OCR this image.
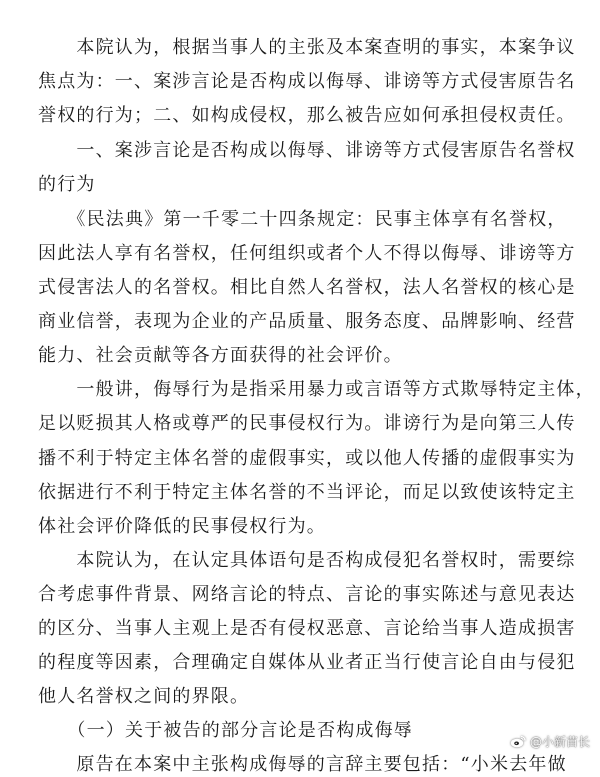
　　本院认为，根据当事人的主张及本案查明的事实，本案争议
焦点为：一、案涉言论是否构成以侮辱、诽谤等方式侵害原告名
誉权的行为；二、如构成侵权，那么被告应如何承担侵权责任。
　　一、案涉言论是否构成以侮辱、诽谤等方式侵害原告名誉权
的行为
　　《民法典》第一千零二十四条规定：民事主体享有名誉权，
因此法人享有名誉权，任何组织或者个人不得以侮辱、诽谤等方
式侵害法人的名誉权。相比自然人名誉权，法人名誉权的核心是
商业信誉，表现为企业的产品质量、服务态度、品牌影响、经营
能力、社会贡献等各方面获得的社会评价。
　　一般讲，侮辱行为是指采用暴力或言语等方式欺辱特定主体，
足以贬损其人格或尊严的民事侵权行为。诽谤行为是向第三人传
播不利于特定主体名誉的虚假事实，或以他人传播的虚假事实为
依据进行不利于特定主体名誉的不当评论，而足以致使该特定主
体社会评价降低的民事侵权行为。
　　本院认为，在认定具体语句是否构成侵犯名誉权时，需要综
合考虑事件背景、网络言论的特点、言论的事实陈述与意见表达
的区分、当事人主观上是否有侵权恶意、言论给当事人造成损害
的程度等因素，合理确定自媒体从业者正当行使言论自由与侵犯
他人名誉权之间的界限。
　　（一）关于被告的部分言论是否构成侮辱
　　原告在本案中主张构成侮辱的言辞主要包括：“小米去年做
@小新苗长
